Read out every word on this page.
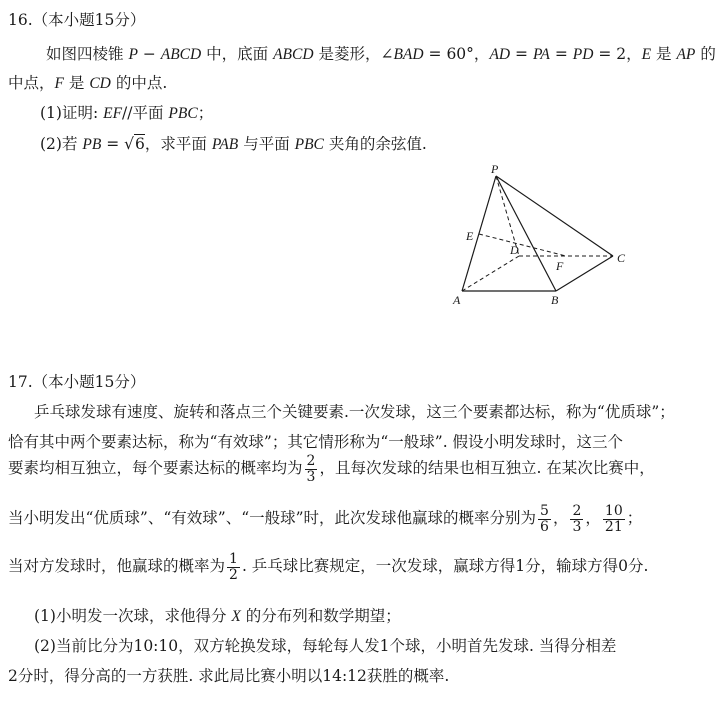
16.（本小题15分）
如图四棱锥 P − ABCD 中，底面 ABCD 是菱形，∠BAD = 60°，AD = PA = PD = 2，E 是 AP 的
中点，F 是 CD 的中点.
(1)证明: EF//平面 PBC；
(2)若 PB = √6，求平面 PAB 与平面 PBC 夹角的余弦值.
P
E
D
F
C
A	B
17.（本小题15分）
乒乓球发球有速度、旋转和落点三个关键要素.一次发球，这三个要素都达标，称为“优质球”；
恰有其中两个要素达标，称为“有效球”；其它情形称为“一般球”. 假设小明发球时，这三个
要素均相互独立，每个要素达标的概率均为 $\frac{2}{3}$ ，且每次发球的结果也相互独立. 在某次比赛中，
当小明发出“优质球”、“有效球”、“一般球”时，此次发球他赢球的概率分别为 $\frac{5}{6}$ ， $\frac{2}{3}$ ， $\frac{10}{21}$ ；
当对方发球时，他赢球的概率为 $\frac{1}{2}$ . 乒乓球比赛规定，一次发球，赢球方得1分，输球方得0分.
(1)小明发一次球，求他得分 X 的分布列和数学期望；
(2)当前比分为10:10，双方轮换发球，每轮每人发1个球，小明首先发球. 当得分相差
2分时，得分高的一方获胜. 求此局比赛小明以14:12获胜的概率.
